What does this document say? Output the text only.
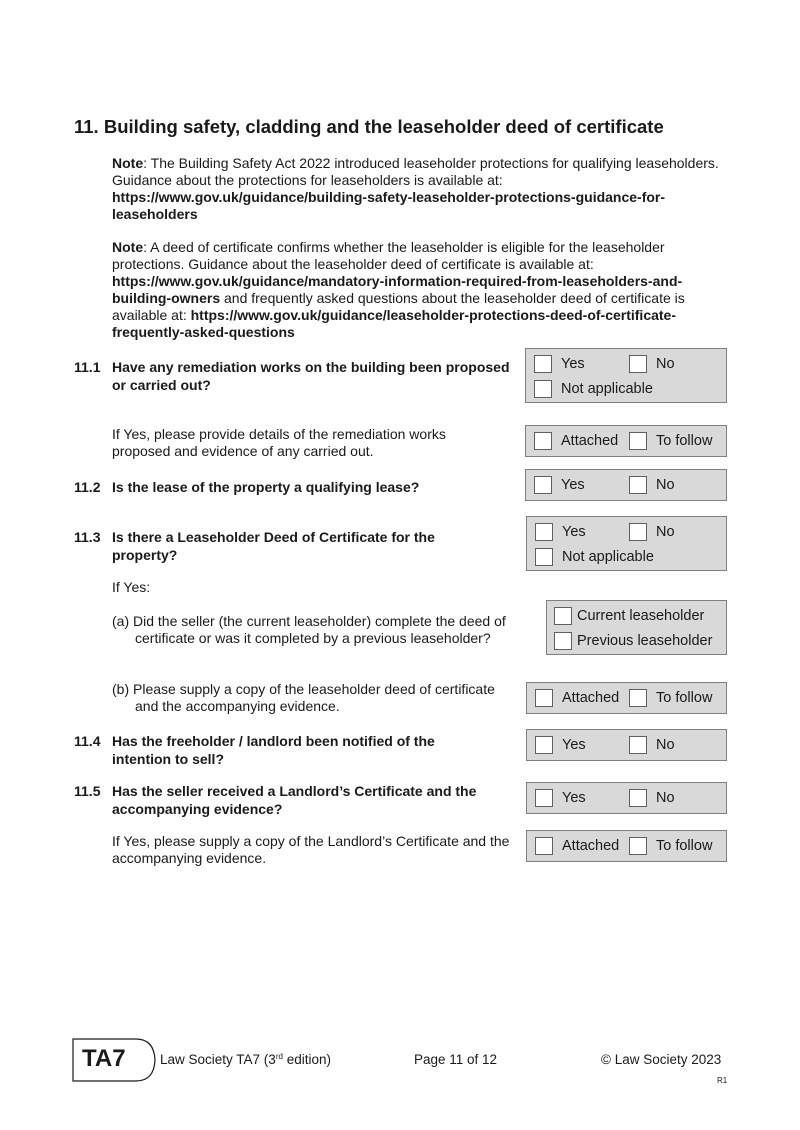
11. Building safety, cladding and the leaseholder deed of certificate
Note: The Building Safety Act 2022 introduced leaseholder protections for qualifying leaseholders. Guidance about the protections for leaseholders is available at: https://www.gov.uk/guidance/building-safety-leaseholder-protections-guidance-for-leaseholders
Note: A deed of certificate confirms whether the leaseholder is eligible for the leaseholder protections. Guidance about the leaseholder deed of certificate is available at: https://www.gov.uk/guidance/mandatory-information-required-from-leaseholders-and-building-owners and frequently asked questions about the leaseholder deed of certificate is available at: https://www.gov.uk/guidance/leaseholder-protections-deed-of-certificate-frequently-asked-questions
11.1 Have any remediation works on the building been proposed or carried out?
Yes	No
Not applicable
If Yes, please provide details of the remediation works proposed and evidence of any carried out.
Attached	To follow
11.2 Is the lease of the property a qualifying lease?	Yes	No
11.3 Is there a Leaseholder Deed of Certificate for the property?
Yes	No
Not applicable
If Yes:
(a) Did the seller (the current leaseholder) complete the deed of certificate or was it completed by a previous leaseholder?
Current leaseholder
Previous leaseholder
(b) Please supply a copy of the leaseholder deed of certificate and the accompanying evidence.	Attached	To follow
11.4 Has the freeholder / landlord been notified of the intention to sell?
Yes	No
11.5 Has the seller received a Landlord’s Certificate and the accompanying evidence?
Yes	No
If Yes, please supply a copy of the Landlord’s Certificate and the accompanying evidence.
Attached	To follow
TA7	Law Society TA7 (3rd edition)	Page 11 of 12	© Law Society 2023
R1
